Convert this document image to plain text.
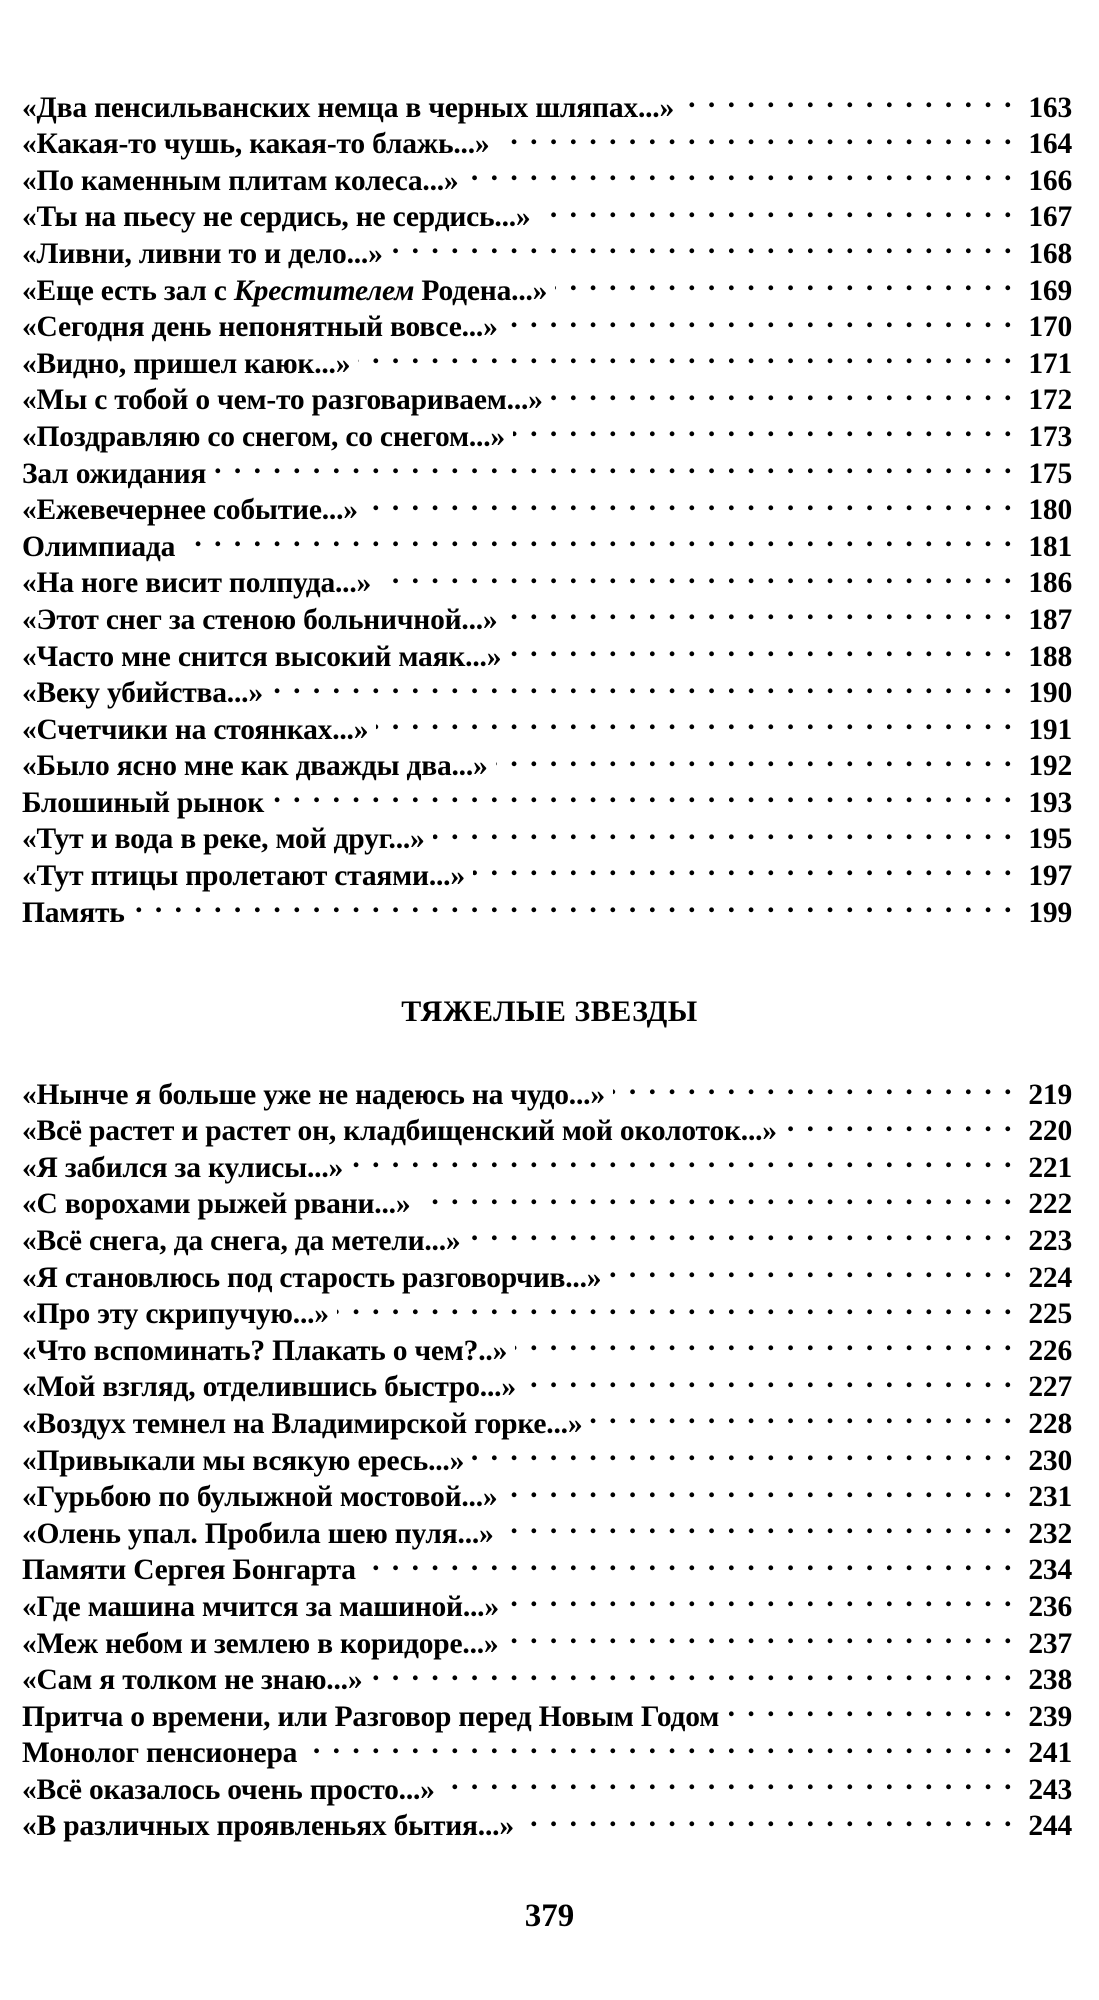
«Два пенсильванских немца в черных шляпах...» . . .	163
«Какая-то чушь, какая-то блажь...» . . .	164
«По каменным плитам колеса...» . . .	166
«Ты на пьесу не сердись, не сердись...» . . .	167
«Ливни, ливни то и дело...» . . .	168
«Еще есть зал с Крестителем Родена...» . . .	169
«Сегодня день непонятный вовсе...» . . .	170
«Видно, пришел каюк...» . . .	171
«Мы с тобой о чем-то разговариваем...» . . .	172
«Поздравляю со снегом, со снегом...» . . .	173
Зал ожидания . . .	175
«Ежевечернее событие...» . . .	180
Олимпиада . . .	181
«На ноге висит полпуда...» . . .	186
«Этот снег за стеною больничной...» . . .	187
«Часто мне снится высокий маяк...» . . .	188
«Веку убийства...» . . .	190
«Счетчики на стоянках...» . . .	191
«Было ясно мне как дважды два...» . . .	192
Блошиный рынок . . .	193
«Тут и вода в реке, мой друг...» . . .	195
«Тут птицы пролетают стаями...» . . .	197
Память . . .	199
ТЯЖЕЛЫЕ ЗВЕЗДЫ
«Нынче я больше уже не надеюсь на чудо...» . . .	219
«Всё растет и растет он, кладбищенский мой околоток...» . . .	220
«Я забился за кулисы...» . . .	221
«С ворохами рыжей рвани...» . . .	222
«Всё снега, да снега, да метели...» . . .	223
«Я становлюсь под старость разговорчив...» . . .	224
«Про эту скрипучую...» . . .	225
«Что вспоминать? Плакать о чем?..» . . .	226
«Мой взгляд, отделившись быстро...» . . .	227
«Воздух темнел на Владимирской горке...» . . .	228
«Привыкали мы всякую ересь...» . . .	230
«Гурьбою по булыжной мостовой...» . . .	231
«Олень упал. Пробила шею пуля...» . . .	232
Памяти Сергея Бонгарта . . .	234
«Где машина мчится за машиной...» . . .	236
«Меж небом и землею в коридоре...» . . .	237
«Сам я толком не знаю...» . . .	238
Притча о времени, или Разговор перед Новым Годом . . .	239
Монолог пенсионера . . .	241
«Всё оказалось очень просто...» . . .	243
«В различных проявленьях бытия...» . . .	244
379
